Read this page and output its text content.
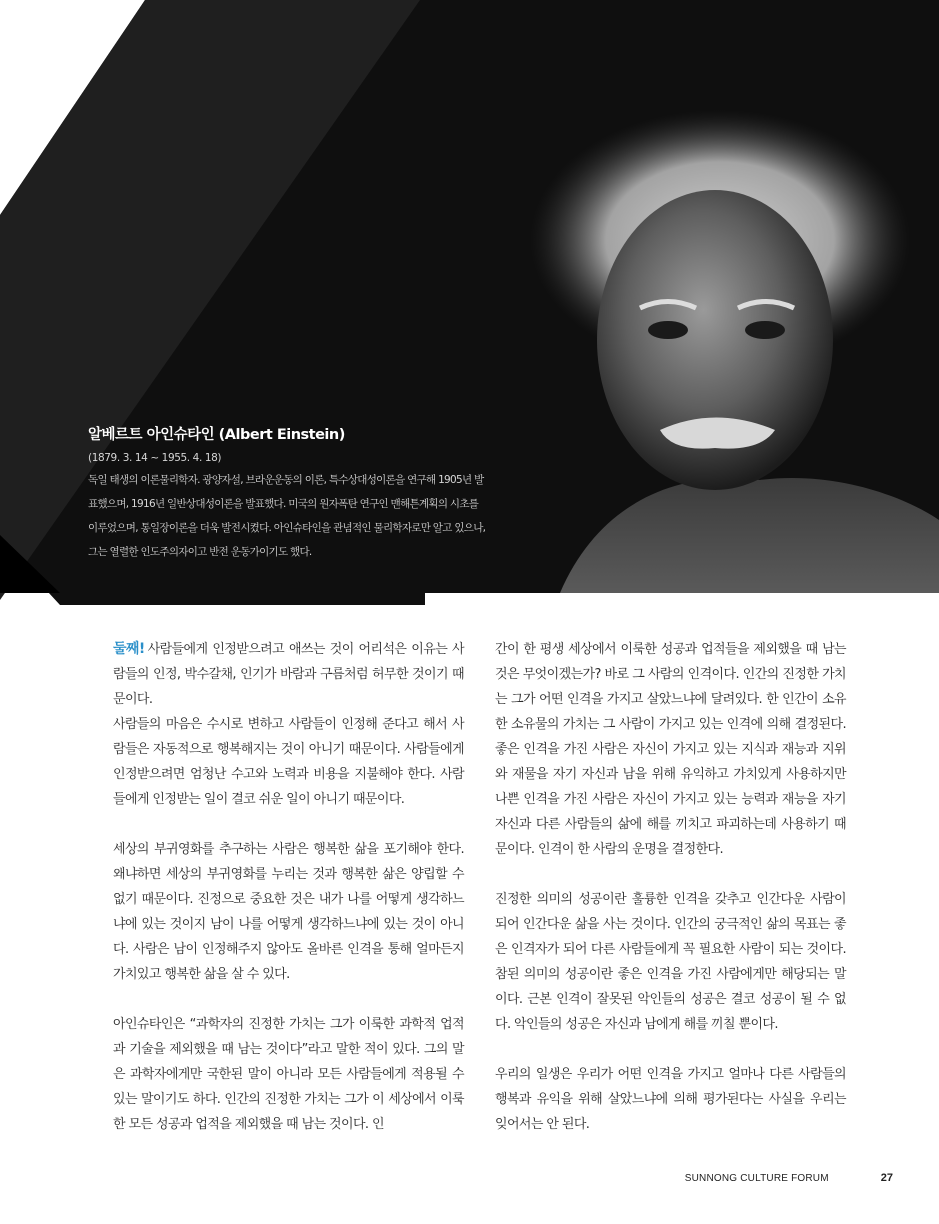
알베르트 아인슈타인 (Albert Einstein)
(1879. 3. 14 ~ 1955. 4. 18)
독일 태생의 이론물리학자. 광양자설, 브라운운동의 이론, 특수상대성이론을 연구해 1905년 발표했으며, 1916년 일반상대성이론을 발표했다. 미국의 원자폭탄 연구인 맨해튼계획의 시초를 이루었으며, 통일장이론을 더욱 발전시켰다. 아인슈타인을 관념적인 물리학자로만 알고 있으나, 그는 열렬한 인도주의자이고 반전 운동가이기도 했다.

둘째! 사람들에게 인정받으려고 애쓰는 것이 어리석은 이유는 사람들의 인정, 박수갈채, 인기가 바람과 구름처럼 허무한 것이기 때문이다.

사람들의 마음은 수시로 변하고 사람들이 인정해 준다고 해서 사람들은 자동적으로 행복해지는 것이 아니기 때문이다. 사람들에게 인정받으려면 엄청난 수고와 노력과 비용을 지불해야 한다. 사람들에게 인정받는 일이 결코 쉬운 일이 아니기 때문이다.

세상의 부귀영화를 추구하는 사람은 행복한 삶을 포기해야 한다. 왜냐하면 세상의 부귀영화를 누리는 것과 행복한 삶은 양립할 수 없기 때문이다. 진정으로 중요한 것은 내가 나를 어떻게 생각하느냐에 있는 것이지 남이 나를 어떻게 생각하느냐에 있는 것이 아니다. 사람은 남이 인정해주지 않아도 올바른 인격을 통해 얼마든지 가치있고 행복한 삶을 살 수 있다.

아인슈타인은 “과학자의 진정한 가치는 그가 이룩한 과학적 업적과 기술을 제외했을 때 남는 것이다”라고 말한 적이 있다. 그의 말은 과학자에게만 국한된 말이 아니라 모든 사람들에게 적용될 수 있는 말이기도 하다. 인간의 진정한 가치는 그가 이 세상에서 이룩한 모든 성공과 업적을 제외했을 때 남는 것이다. 인

간이 한 평생 세상에서 이룩한 성공과 업적들을 제외했을 때 남는 것은 무엇이겠는가? 바로 그 사람의 인격이다. 인간의 진정한 가치는 그가 어떤 인격을 가지고 살았느냐에 달려있다. 한 인간이 소유한 소유물의 가치는 그 사람이 가지고 있는 인격에 의해 결정된다. 좋은 인격을 가진 사람은 자신이 가지고 있는 지식과 재능과 지위와 재물을 자기 자신과 남을 위해 유익하고 가치있게 사용하지만 나쁜 인격을 가진 사람은 자신이 가지고 있는 능력과 재능을 자기 자신과 다른 사람들의 삶에 해를 끼치고 파괴하는데 사용하기 때문이다. 인격이 한 사람의 운명을 결정한다.

진정한 의미의 성공이란 훌륭한 인격을 갖추고 인간다운 사람이 되어 인간다운 삶을 사는 것이다. 인간의 궁극적인 삶의 목표는 좋은 인격자가 되어 다른 사람들에게 꼭 필요한 사람이 되는 것이다. 참된 의미의 성공이란 좋은 인격을 가진 사람에게만 해당되는 말이다. 근본 인격이 잘못된 악인들의 성공은 결코 성공이 될 수 없다. 악인들의 성공은 자신과 남에게 해를 끼칠 뿐이다.

우리의 일생은 우리가 어떤 인격을 가지고 얼마나 다른 사람들의 행복과 유익을 위해 살았느냐에 의해 평가된다는 사실을 우리는 잊어서는 안 된다.

SUNNONG CULTURE FORUM	27
